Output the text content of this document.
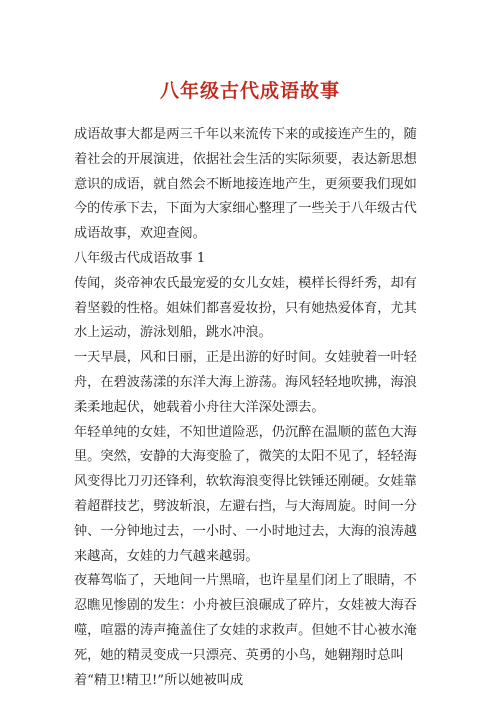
八年级古代成语故事

成语故事大都是两三千年以来流传下来的或接连产生的，随着社会的开展演进，依据社会生活的实际须要，表达新思想意识的成语，就自然会不断地接连地产生，更须要我们现如今的传承下去，下面为大家细心整理了一些关于八年级古代成语故事，欢迎查阅。

八年级古代成语故事 1

传闻，炎帝神农氏最宠爱的女儿女娃，模样长得纤秀，却有着坚毅的性格。姐妹们都喜爱妆扮，只有她热爱体育，尤其水上运动，游泳划船，跳水冲浪。

一天早晨，风和日丽，正是出游的好时间。女娃驶着一叶轻舟，在碧波荡漾的东洋大海上游荡。海风轻轻地吹拂，海浪柔柔地起伏，她载着小舟往大洋深处漂去。

年轻单纯的女娃，不知世道险恶，仍沉醉在温顺的蓝色大海里。突然，安静的大海变脸了，微笑的太阳不见了，轻轻海风变得比刀刃还锋利，软软海浪变得比铁锤还刚硬。女娃靠着超群技艺，劈波斩浪，左避右挡，与大海周旋。时间一分钟、一分钟地过去，一小时、一小时地过去，大海的浪涛越来越高，女娃的力气越来越弱。

夜幕驾临了，天地间一片黑暗，也许星星们闭上了眼睛，不忍瞧见惨剧的发生：小舟被巨浪碾成了碎片，女娃被大海吞噬，喧嚣的涛声掩盖住了女娃的求救声。但她不甘心被水淹死，她的精灵变成一只漂亮、英勇的小鸟，她翱翔时总叫着“精卫!精卫!”所以她被叫成
